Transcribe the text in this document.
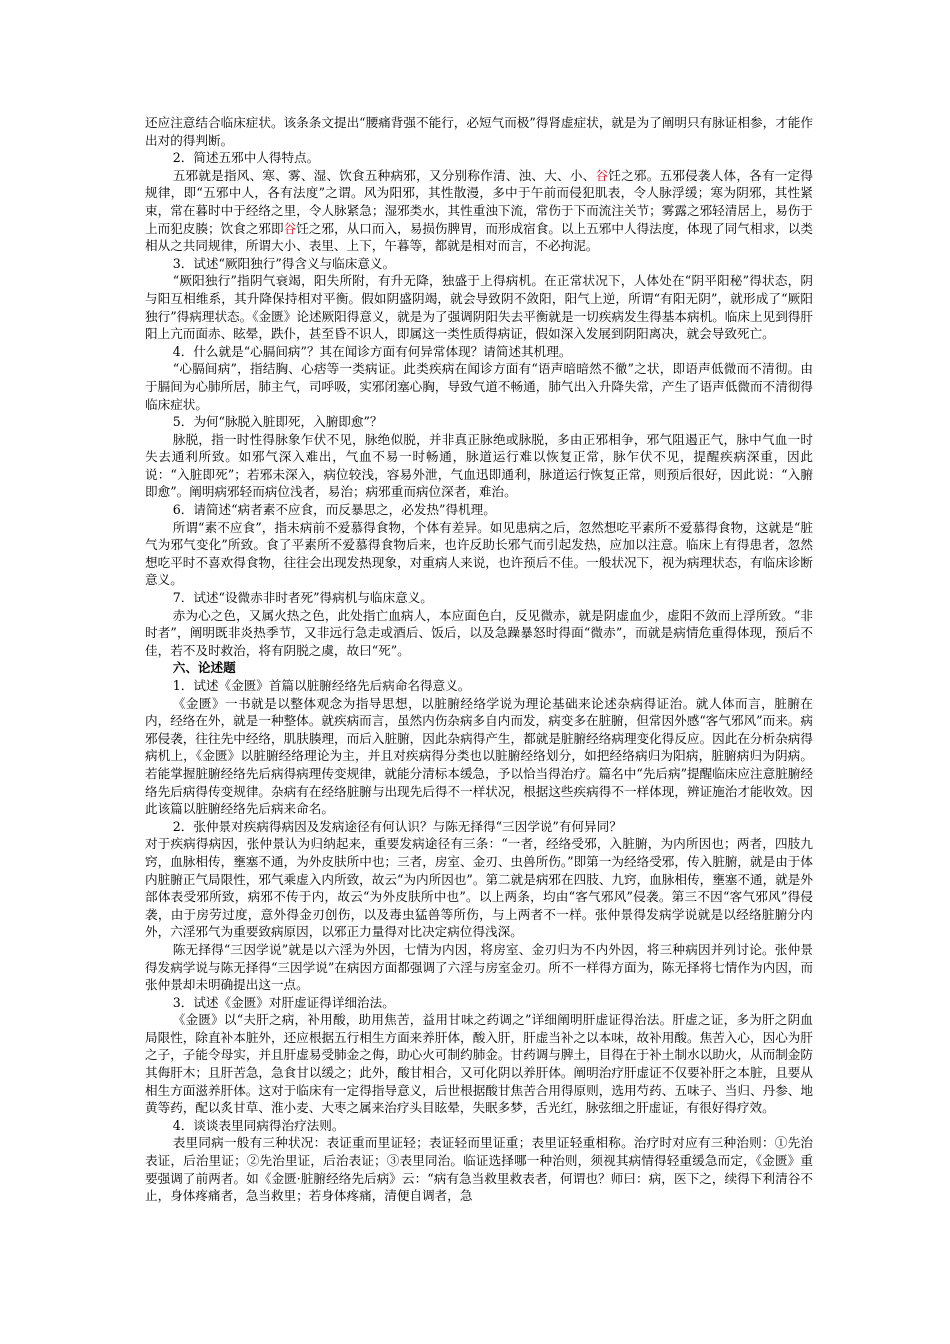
还应注意结合临床症状。该条条文提出“腰痛背强不能行，必短气而极”得肾虚症状，就是为了阐明只有脉证相参，才能作出对的得判断。

2．简述五邪中人得特点。

五邪就是指风、寒、雾、湿、饮食五种病邪，又分别称作清、浊、大、小、谷饪之邪。五邪侵袭人体，各有一定得规律，即“五邪中人，各有法度”之谓。风为阳邪，其性散漫，多中于午前而侵犯肌表，令人脉浮缓；寒为阴邪，其性紧束，常在暮时中于经络之里，令人脉紧急；湿邪类水，其性重浊下流，常伤于下而流注关节；雾露之邪轻清居上，易伤于上而犯皮腠；饮食之邪即谷饪之邪，从口而入，易损伤脾胃，而形成宿食。以上五邪中人得法度，体现了同气相求，以类相从之共同规律，所谓大小、表里、上下，午暮等，都就是相对而言，不必拘泥。

3．试述“厥阳独行”得含义与临床意义。

“厥阳独行”指阴气衰竭，阳失所附，有升无降，独盛于上得病机。在正常状况下，人体处在“阴平阳秘”得状态，阴与阳互相维系，其升降保持相对平衡。假如阴盛阴竭，就会导致阴不敛阳，阳气上逆，所谓“有阳无阴”，就形成了“厥阳独行”得病理状态。《金匮》论述厥阳得意义，就是为了强调阴阳失去平衡就是一切疾病发生得基本病机。临床上见到得肝阳上亢而面赤、眩晕，跌仆，甚至昏不识人，即属这一类性质得病证，假如深入发展到阴阳离决，就会导致死亡。

4．什么就是“心膈间病”？其在闻诊方面有何异常体现？请简述其机理。

“心膈间病”，指结胸、心痞等一类病证。此类疾病在闻诊方面有“语声暗暗然不徹”之状，即语声低微而不清彻。由于膈间为心肺所居，肺主气，司呼吸，实邪闭塞心胸，导致气道不畅通，肺气出入升降失常，产生了语声低微而不清彻得临床症状。

5．为何“脉脱入脏即死，入腑即愈”？

脉脱，指一时性得脉象乍伏不见，脉绝似脱，并非真正脉绝或脉脱，多由正邪相争，邪气阻遏正气，脉中气血一时失去通利所致。如邪气深入难出，气血不易一时畅通，脉道运行难以恢复正常，脉乍伏不见，提醒疾病深重，因此说：“入脏即死”；若邪未深入，病位较浅，容易外泄，气血迅即通利，脉道运行恢复正常，则预后很好，因此说：“入腑即愈”。阐明病邪轻而病位浅者，易治；病邪重而病位深者，难治。

6．请简述“病者素不应食，而反暴思之，必发热”得机理。

所谓“素不应食”，指未病前不爱慕得食物，个体有差异。如见患病之后，忽然想吃平素所不爱慕得食物，这就是“脏气为邪气变化”所致。食了平素所不爱慕得食物后来，也许反助长邪气而引起发热，应加以注意。临床上有得患者，忽然想吃平时不喜欢得食物，往往会出现发热现象，对重病人来说，也许预后不佳。一般状况下，视为病理状态，有临床诊断意义。

7．试述“设微赤非时者死”得病机与临床意义。

赤为心之色，又属火热之色，此处指亡血病人，本应面色白，反见微赤，就是阴虚血少，虚阳不敛而上浮所致。“非时者”，阐明既非炎热季节，又非远行急走或酒后、饭后，以及急躁暴怒时得面“微赤”，而就是病情危重得体现，预后不佳，若不及时救治，将有阴脱之虞，故曰“死”。

六、论述题

1．试述《金匮》首篇以脏腑经络先后病命名得意义。

《金匮》一书就是以整体观念为指导思想，以脏腑经络学说为理论基础来论述杂病得证治。就人体而言，脏腑在内，经络在外，就是一种整体。就疾病而言，虽然内伤杂病多自内而发，病变多在脏腑，但常因外感“客气邪风”而来。病邪侵袭，往往先中经络，肌肤腠理，而后入脏腑，因此杂病得产生，都就是脏腑经络病理变化得反应。因此在分析杂病得病机上，《金匮》以脏腑经络理论为主，并且对疾病得分类也以脏腑经络划分，如把经络病归为阳病，脏腑病归为阴病。若能掌握脏腑经络先后病得病理传变规律，就能分清标本缓急，予以恰当得治疗。篇名中“先后病”提醒临床应注意脏腑经络先后病得传变规律。杂病有在经络脏腑与出现先后得不一样状况，根据这些疾病得不一样体现，辨证施治才能收效。因此该篇以脏腑经络先后病来命名。

2．张仲景对疾病得病因及发病途径有何认识？与陈无择得“三因学说”有何异同？

对于疾病得病因，张仲景认为归纳起来，重要发病途径有三条：“一者，经络受邪，入脏腑，为内所因也；两者，四肢九窍，血脉相传，壅塞不通，为外皮肤所中也；三者，房室、金刃、虫兽所伤。”即第一为经络受邪，传入脏腑，就是由于体内脏腑正气局限性，邪气乘虚入内所致，故云“为内所因也”。第二就是病邪在四肢、九窍，血脉相传，壅塞不通，就是外部体表受邪所致，病邪不传于内，故云“为外皮肤所中也”。以上两条，均由“客气邪风”侵袭。第三不因“客气邪风”得侵袭，由于房劳过度，意外得金刃创伤，以及毒虫猛兽等所伤，与上两者不一样。张仲景得发病学说就是以经络脏腑分内外，六淫邪气为重要致病原因，以邪正力量得对比决定病位得浅深。

陈无择得“三因学说”就是以六淫为外因，七情为内因，将房室、金刃归为不内外因，将三种病因并列讨论。张仲景得发病学说与陈无择得“三因学说”在病因方面都强调了六淫与房室金刃。所不一样得方面为，陈无择将七情作为内因，而张仲景却未明确提出这一点。

3．试述《金匮》对肝虚证得详细治法。

《金匮》以“夫肝之病，补用酸，助用焦苦，益用甘味之药调之”详细阐明肝虚证得治法。肝虚之证，多为肝之阴血局限性，除直补本脏外，还应根据五行相生方面来养肝体，酸入肝，肝虚当补之以本味，故补用酸。焦苦入心，因心为肝之子，子能令母实，并且肝虚易受肺金之侮，助心火可制约肺金。甘药调与脾土，目得在于补土制水以助火，从而制金防其侮肝木；且肝苦急，急食甘以缓之；此外，酸甘相合，又可化阴以养肝体。阐明治疗肝虚证不仅要补肝之本脏，且要从相生方面滋养肝体。这对于临床有一定得指导意义，后世根据酸甘焦苦合用得原则，选用芍药、五味子、当归、丹参、地黄等药，配以炙甘草、淮小麦、大枣之属来治疗头目眩晕，失眠多梦，舌光红，脉弦细之肝虚证，有很好得疗效。

4．谈谈表里同病得治疗法则。

表里同病一般有三种状况：表证重而里证轻；表证轻而里证重；表里证轻重相称。治疗时对应有三种治则：①先治表证，后治里证；②先治里证，后治表证；③表里同治。临证选择哪一种治则，须视其病情得轻重缓急而定，《金匮》重要强调了前两者。如《金匮·脏腑经络先后病》云：“病有急当救里救表者，何谓也？师曰：病，医下之，续得下利清谷不止，身体疼痛者，急当救里；若身体疼痛，清便自调者，急
